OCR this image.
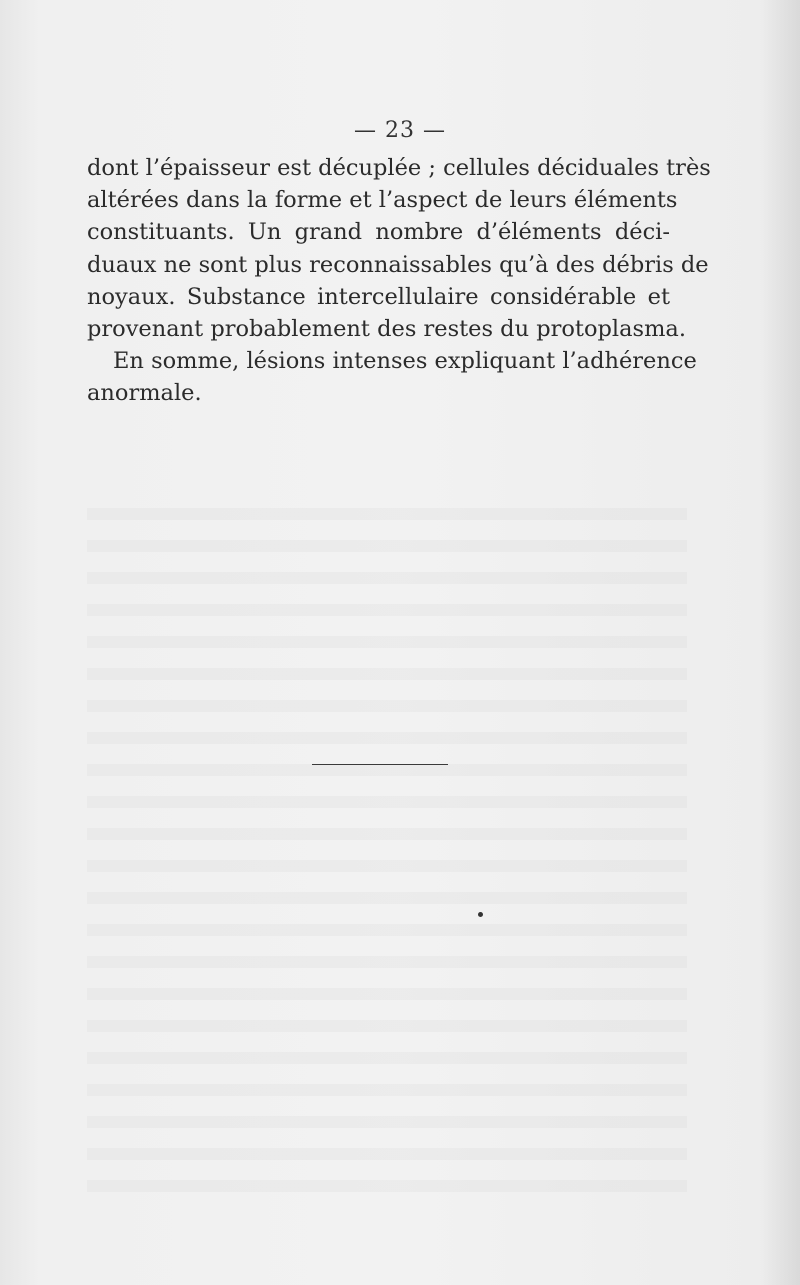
— 23 —

dont l’épaisseur est décuplée ; cellules déciduales très
altérées dans la forme et l’aspect de leurs éléments
constituants. Un grand nombre d’éléments déci-
duaux ne sont plus reconnaissables qu’à des débris de
noyaux. Substance intercellulaire considérable et
provenant probablement des restes du protoplasma.

En somme, lésions intenses expliquant l’adhérence
anormale.
